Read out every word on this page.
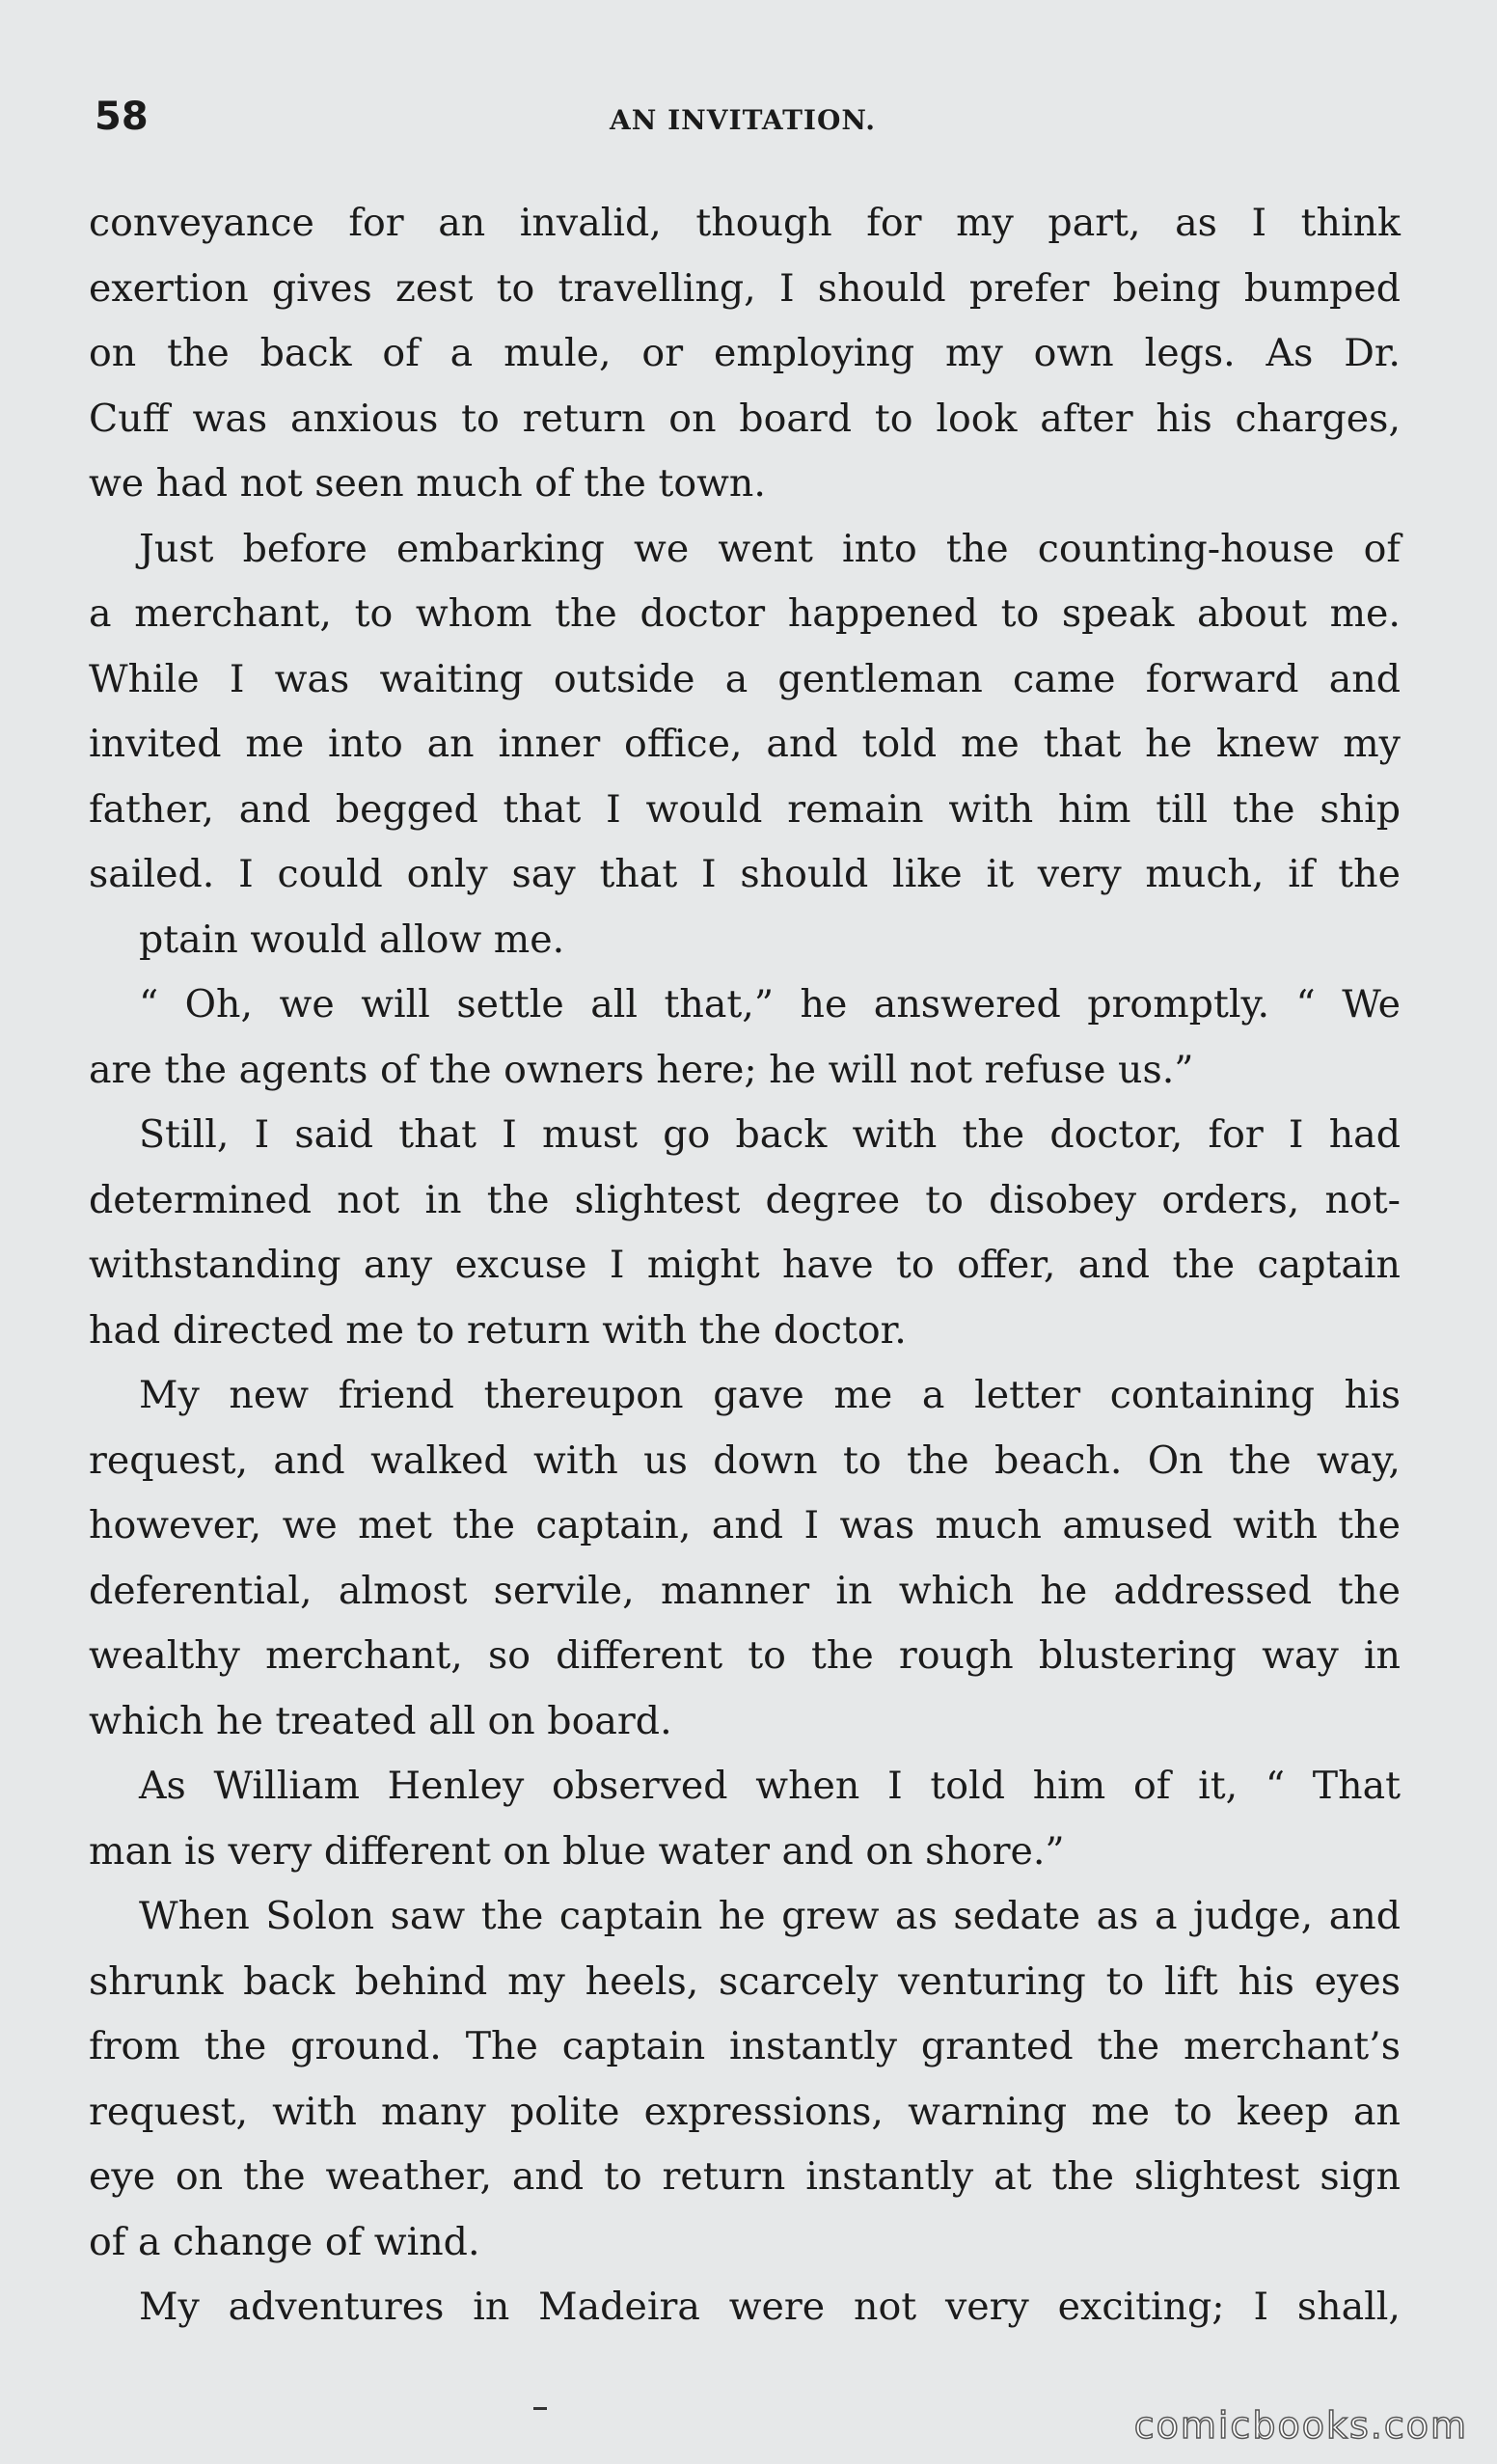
58	AN INVITATION.
conveyance for an invalid, though for my part, as I think
exertion gives zest to travelling, I should prefer being bumped
on the back of a mule, or employing my own legs. As Dr.
Cuff was anxious to return on board to look after his charges,
we had not seen much of the town.
Just before embarking we went into the counting-house of
a merchant, to whom the doctor happened to speak about me.
While I was waiting outside a gentleman came forward and
invited me into an inner office, and told me that he knew my
father, and begged that I would remain with him till the ship
sailed. I could only say that I should like it very much, if the
ptain would allow me.
“ Oh, we will settle all that,” he answered promptly. “ We
are the agents of the owners here; he will not refuse us.”
Still, I said that I must go back with the doctor, for I had
determined not in the slightest degree to disobey orders, not-
withstanding any excuse I might have to offer, and the captain
had directed me to return with the doctor.
My new friend thereupon gave me a letter containing his
request, and walked with us down to the beach. On the way,
however, we met the captain, and I was much amused with the
deferential, almost servile, manner in which he addressed the
wealthy merchant, so different to the rough blustering way in
which he treated all on board.
As William Henley observed when I told him of it, “ That
man is very different on blue water and on shore.”
When Solon saw the captain he grew as sedate as a judge, and
shrunk back behind my heels, scarcely venturing to lift his eyes
from the ground. The captain instantly granted the merchant’s
request, with many polite expressions, warning me to keep an
eye on the weather, and to return instantly at the slightest sign
of a change of wind.
My adventures in Madeira were not very exciting; I shall,
comicbooks.com
